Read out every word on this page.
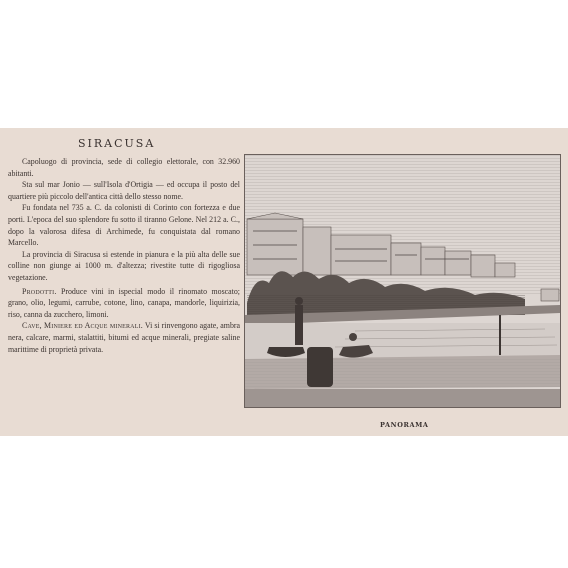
SIRACUSA

Capoluogo di provincia, sede di collegio elettorale, con 32.960 abitanti.

Sta sul mar Jonio — sull'Isola d'Ortigia — ed occupa il posto del quartiere più piccolo dell'antica città dello stesso nome.

Fu fondata nel 735 a. C. da colonisti di Corinto con fortezza e due porti. L'epoca del suo splendore fu sotto il tiranno Gelone. Nel 212 a. C., dopo la valorosa difesa di Archimede, fu conquistata dal romano Marcello.

La provincia di Siracusa si estende in pianura e la più alta delle sue colline non giunge ai 1000 m. d'altezza; rivestite tutte di rigogliosa vegetazione.

Prodotti. Produce vini in ispecial modo il rinomato moscato; grano, olio, legumi, carrube, cotone, lino, canapa, mandorle, liquirizia, riso, canna da zucchero, limoni.

Cave, Miniere ed Acque minerali. Vi si rinvengono agate, ambra nera, calcare, marmi, stalattiti, bitumi ed acque minerali, pregiate saline marittime di proprietà privata.

PANORAMA
